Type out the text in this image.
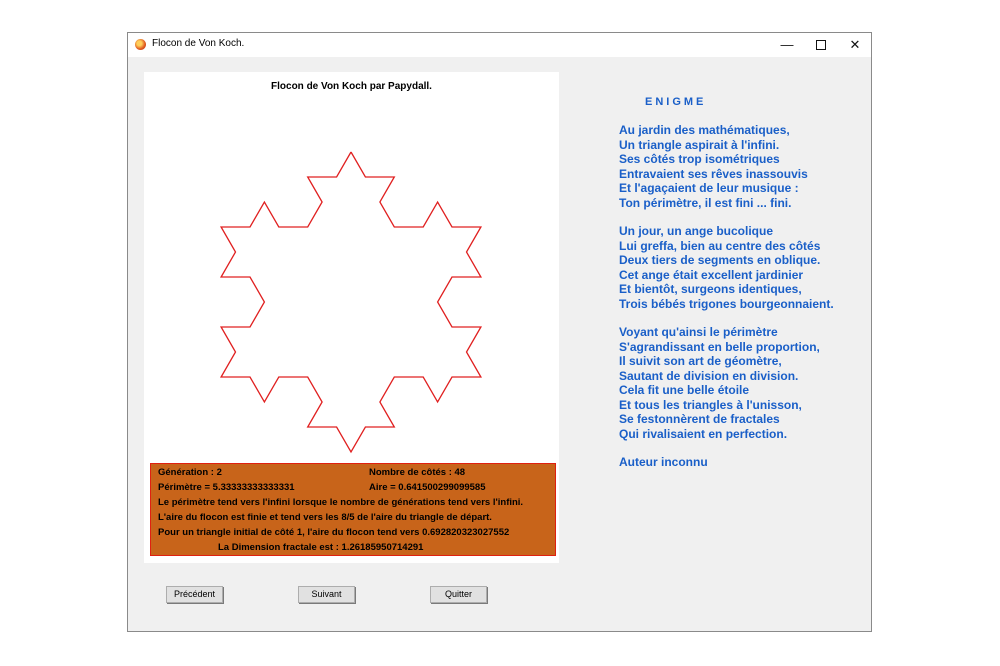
Flocon de Von Koch.	—	✕
Flocon de Von Koch par Papydall.
Génération : 2	Nombre de côtés : 48
Périmètre = 5.33333333333331	Aire = 0.641500299099585
Le périmètre tend vers l'infini lorsque le nombre de générations tend vers l'infini.
L'aire du flocon est finie et tend vers les 8/5 de l'aire du triangle de départ.
Pour un triangle initial de côté 1, l'aire du flocon tend vers 0.692820323027552
La Dimension fractale est : 1.26185950714291
ENIGME
Au jardin des mathématiques,
Un triangle aspirait à l'infini.
Ses côtés trop isométriques
Entravaient ses rêves inassouvis
Et l'agaçaient de leur musique :
Ton périmètre, il est fini ... fini.
Un jour, un ange bucolique
Lui greffa, bien au centre des côtés
Deux tiers de segments en oblique.
Cet ange était excellent jardinier
Et bientôt, surgeons identiques,
Trois bébés trigones bourgeonnaient.
Voyant qu'ainsi le périmètre
S'agrandissant en belle proportion,
Il suivit son art de géomètre,
Sautant de division en division.
Cela fit une belle étoile
Et tous les triangles à l'unisson,
Se festonnèrent de fractales
Qui rivalisaient en perfection.
Auteur inconnu
Précédent	Suivant	Quitter
